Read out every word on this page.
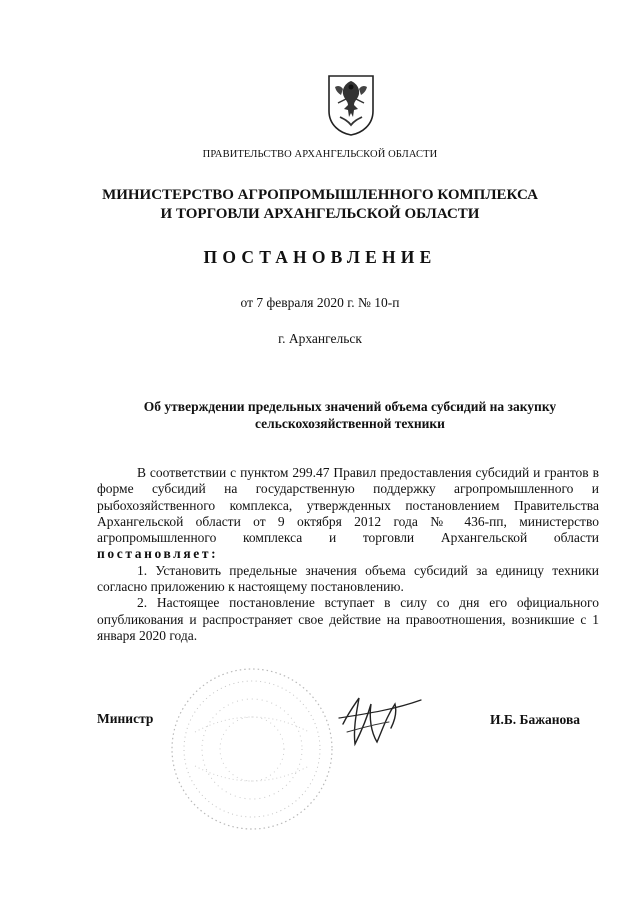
ПРАВИТЕЛЬСТВО АРХАНГЕЛЬСКОЙ ОБЛАСТИ
МИНИСТЕРСТВО АГРОПРОМЫШЛЕННОГО КОМПЛЕКСА
И ТОРГОВЛИ АРХАНГЕЛЬСКОЙ ОБЛАСТИ
ПОСТАНОВЛЕНИЕ
от 7 февраля 2020 г. № 10-п
г. Архангельск
Об утверждении предельных значений объема субсидий на закупку
сельскохозяйственной техники

В соответствии с пунктом 299.47 Правил предоставления субсидий и грантов в форме субсидий на государственную поддержку агропромышленного и рыбохозяйственного комплекса, утвержденных постановлением Правительства Архангельской области от 9 октября 2012 года № 436-пп, министерство агропромышленного комплекса и торговли Архангельской области постановляет:

1. Установить предельные значения объема субсидий за единицу техники согласно приложению к настоящему постановлению.

2. Настоящее постановление вступает в силу со дня его официального опубликования и распространяет свое действие на правоотношения, возникшие с 1 января 2020 года.

Министр	И.Б. Бажанова
